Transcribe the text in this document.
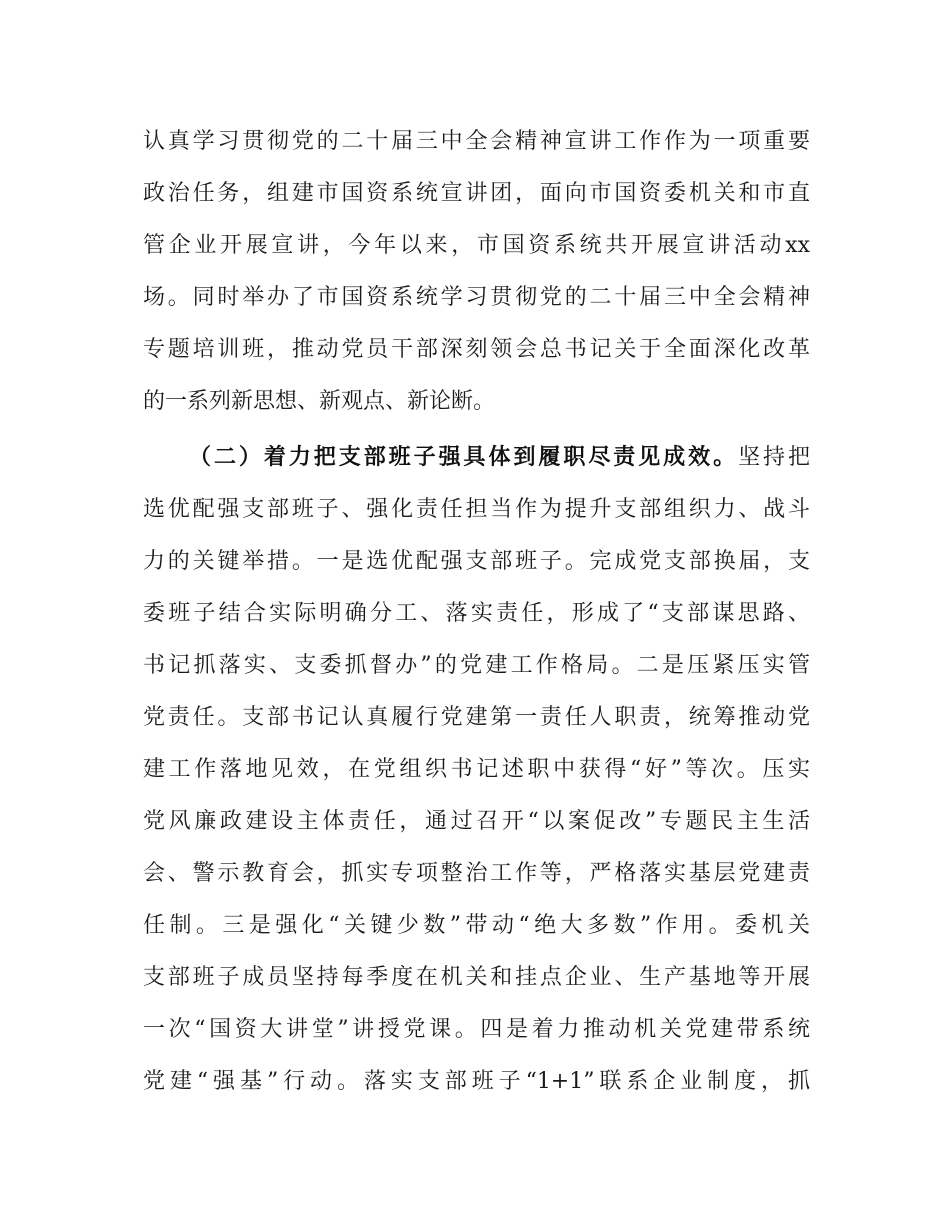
认真学习贯彻党的二十届三中全会精神宣讲工作作为一项重要
政治任务，组建市国资系统宣讲团，面向市国资委机关和市直
管企业开展宣讲，今年以来，市国资系统共开展宣讲活动xx
场。同时举办了市国资系统学习贯彻党的二十届三中全会精神
专题培训班，推动党员干部深刻领会总书记关于全面深化改革
的一系列新思想、新观点、新论断。
（二）着力把支部班子强具体到履职尽责见成效。坚持把
选优配强支部班子、强化责任担当作为提升支部组织力、战斗
力的关键举措。一是选优配强支部班子。完成党支部换届，支
委班子结合实际明确分工、落实责任，形成了“支部谋思路、
书记抓落实、支委抓督办”的党建工作格局。二是压紧压实管
党责任。支部书记认真履行党建第一责任人职责，统筹推动党
建工作落地见效，在党组织书记述职中获得“好”等次。压实
党风廉政建设主体责任，通过召开“以案促改”专题民主生活
会、警示教育会，抓实专项整治工作等，严格落实基层党建责
任制。三是强化“关键少数”带动“绝大多数”作用。委机关
支部班子成员坚持每季度在机关和挂点企业、生产基地等开展
一次“国资大讲堂”讲授党课。四是着力推动机关党建带系统
党建“强基”行动。落实支部班子“1+1”联系企业制度，抓
